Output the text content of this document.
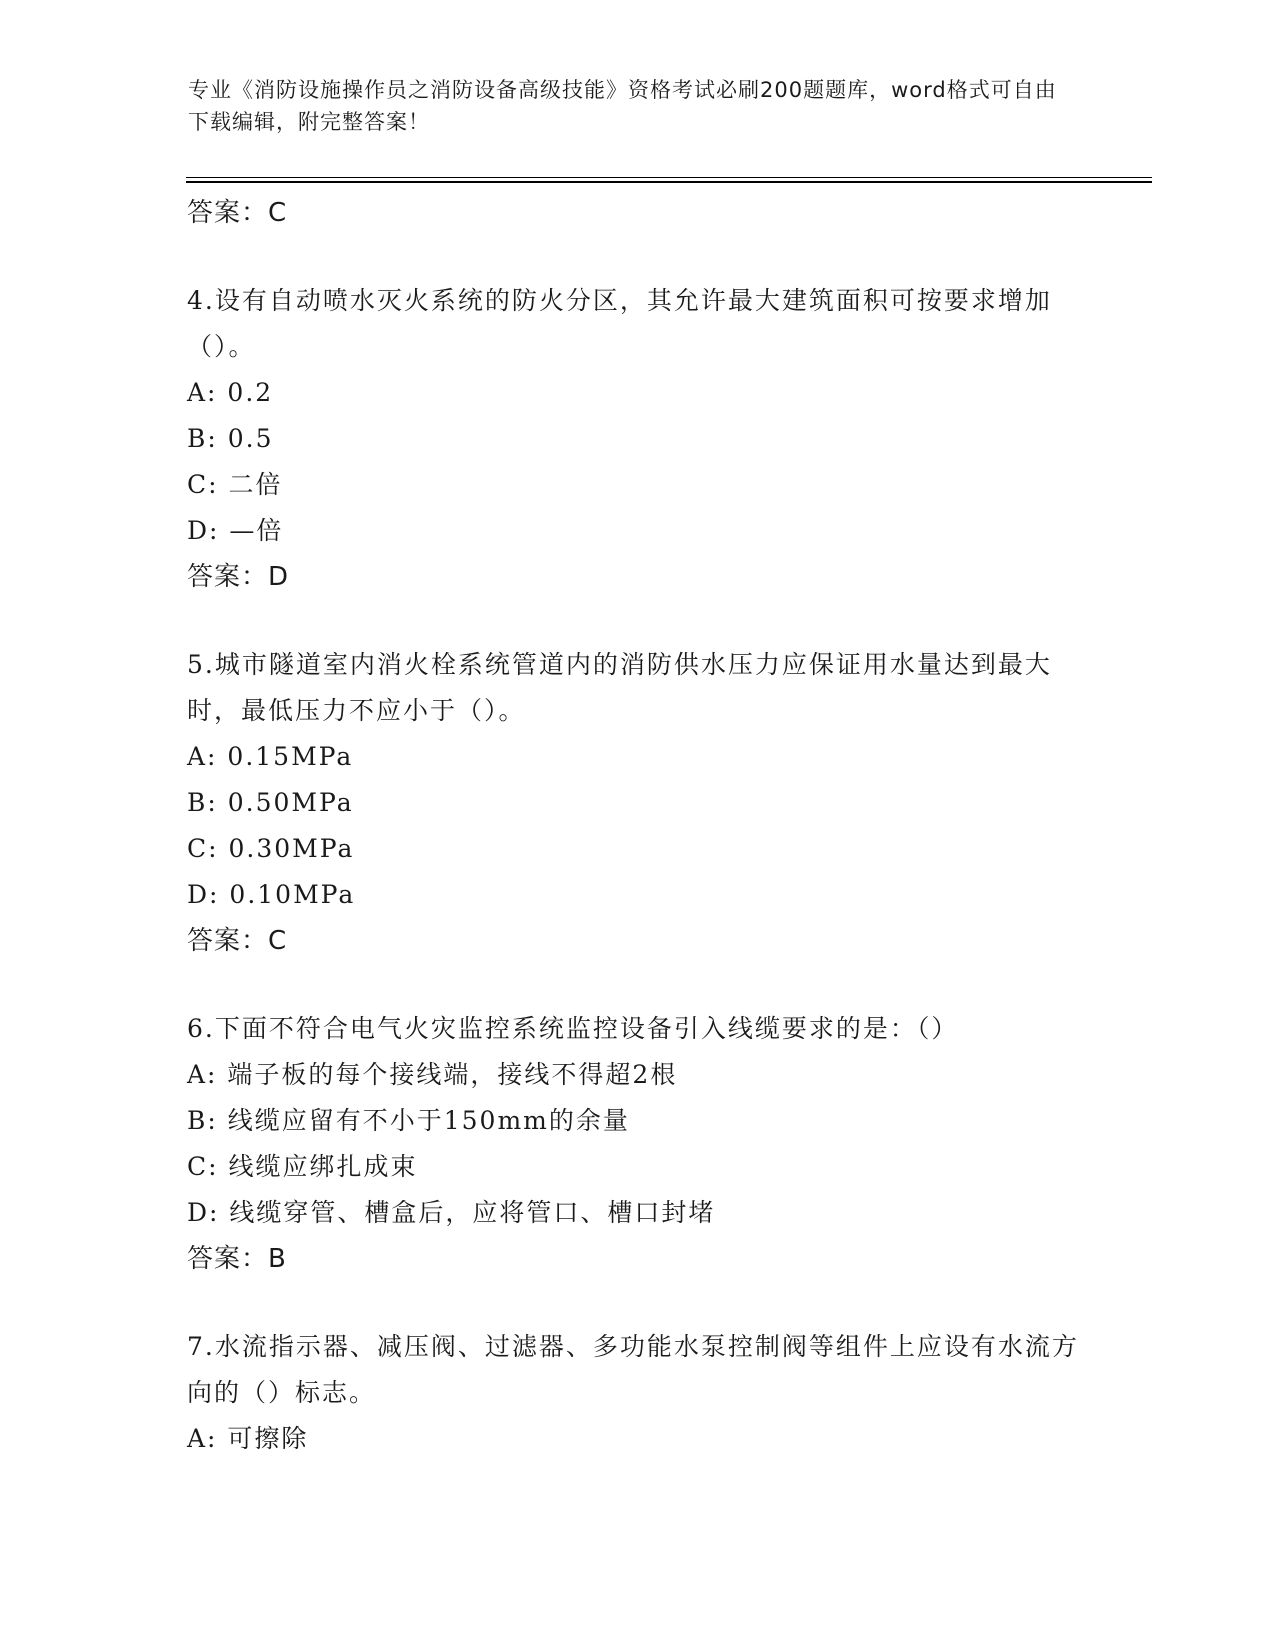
专业《消防设施操作员之消防设备高级技能》资格考试必刷200题题库，word格式可自由下载编辑，附完整答案！
答案：C
4.设有自动喷水灭火系统的防火分区，其允许最大建筑面积可按要求增加（）。
A: 0.2
B: 0.5
C: 二倍
D: —倍
答案：D
5.城市隧道室内消火栓系统管道内的消防供水压力应保证用水量达到最大时，最低压力不应小于（）。
A: 0.15MPa
B: 0.50MPa
C: 0.30MPa
D: 0.10MPa
答案：C
6.下面不符合电气火灾监控系统监控设备引入线缆要求的是：（）
A: 端子板的每个接线端，接线不得超2根
B: 线缆应留有不小于150mm的余量
C: 线缆应绑扎成束
D: 线缆穿管、槽盒后，应将管口、槽口封堵
答案：B
7.水流指示器、减压阀、过滤器、多功能水泵控制阀等组件上应设有水流方向的（）标志。
A: 可擦除
